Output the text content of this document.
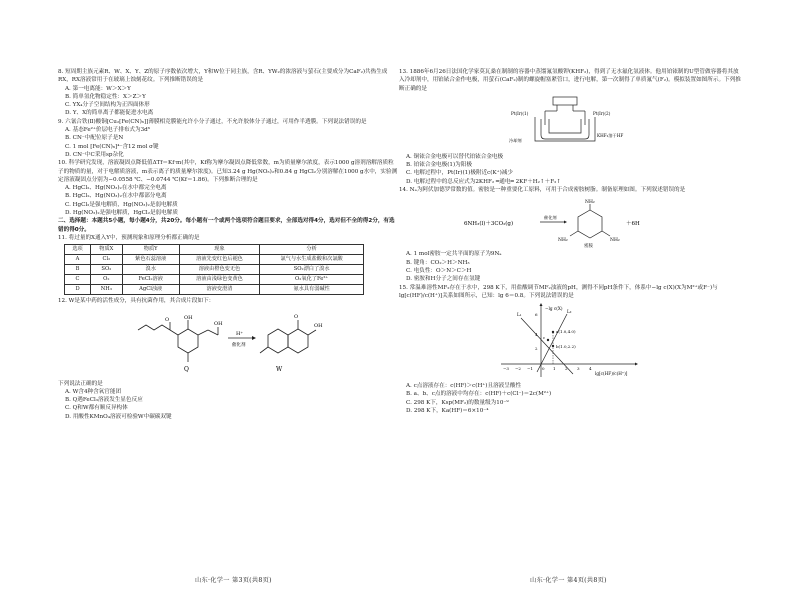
8. 短周期主族元素R、W、X、Y、Z的原子序数依次增大，Y和W位于同主族，含R、YW₂的浓溶液与萤石(主要成分为CaF₂)共热生成RX，RX溶液常用于在玻璃上蚀刻花纹。下列推断错误的是
A. 第一电离能：W＞X＞Y
B. 简单氢化物稳定性：X＞Z＞Y
C. YX₄分子空间结构为正四面体形
D. Y、X的简单离子都能促进水电离
9. 六氰合铁(Ⅱ)酸铜[Cu₂[Fe(CN)₆]]薄膜相竞膜能允许小分子通过，不允许胶体分子通过，可用作半透膜。下列说法错误的是
A. 基态Fe²⁺价层电子排布式为3d⁶
B. CN⁻中配位原子是N
C. 1 mol [Fe(CN)₆]⁴⁻含12 mol σ键
D. CN⁻中C采用sp杂化
10. 科学研究发现，溶液凝固点降低值ΔTf＝Kf·m(其中，Kf称为摩尔凝固点降低常数，m为质量摩尔浓度，表示1000 g溶剂溶解溶质粒子的物质的量，对于电解质溶液，m表示离子的质量摩尔浓度)。已知3.24 g Hg(NO₃)₂和0.84 g HgCl₂分别溶解在1000 g水中，实验测定溶液凝固点分别为−0.0558 ℃、−0.0744 ℃(Kf＝1.86)。下列推断合理的是
A. HgCl₂、Hg(NO₃)₂在水中都完全电离
B. HgCl₂、Hg(NO₃)₂在水中都部分电离
C. HgCl₂是强电解质，Hg(NO₃)₂是弱电解质
D. Hg(NO₃)₂是强电解质，HgCl₂是弱电解质
二、选择题：本题共5小题，每小题4分，共20分。每小题有一个或两个选项符合题目要求，全部选对得4分，选对但不全的得2分，有选错的得0分。
11. 将过量的X通入Y中，预测现象和原理分析都正确的是
选项	物质X	物质Y	现象	分析
A	Cl₂	紫色石蕊溶液	溶液先变红色后褪色	氯气与水生成盐酸和次氯酸
B	SO₂	溴水	溶液由橙色变无色	SO₂漂白了溴水
C	O₂	FeCl₂溶液	溶液由浅绿色变黄色	O₂氧化了Fe²⁺
D	NH₃	AgCl浊液	溶液变澄清	氨水具有弱碱性
12. W是某中药的活性成分，具有抗菌作用，其合成片段如下：
O	OH
OH
Q
H⁺
催化剂
O
OH
W
下列说法正确的是
A. W含4种含氧官能团
B. Q遇FeCl₃溶液发生显色反应
C. Q和W都有顺反异构体
D. 用酸性KMnO₄溶液可检验W中碳碳双键
山东·化学一 第3页(共8页)
13. 1886年6月26日法国化学家莫瓦桑在制制的容器中蒸馏氟氢酸钾(KHF₂)，得到了无水氟化氢液体。他用铂铱制的U型管做容器将其放入冷却剂中，用铂铱合金作电极，用萤石(CaF₂)制的螺旋帽塞紧管口，进行电解，第一次制得了单质氟气(F₂)。模拟装置如图所示。下列推断正确的是
Pt(Ir)(1)	Pt(Ir)(2)
冷却剂
KHF₂溶于HF
A. 铜铱合金电极可以替代铂铱合金电极
B. 铂铱合金电极(1)为阳极
C. 电解过程中，Pt(Ir)(1)极附近c(K⁺)减少
D. 电解过程中的总反应式为2KHF₂ ═通电═ 2KF＋H₂↑＋F₂↑
14. Nₐ为阿伏加德罗常数的值。密胺是一种重要化工原料，可用于合成密胺树脂。制备原理如图。下列叙述错误的是
6NH₃(l)＋3CO₂(g)
催化剂
NH₂
NH₂
NH₂
密胺
＋6H
A. 1 mol密胺一定共平面的原子为9Nₐ
B. 键角：CO₂＞H＞NH₃
C. 电负性：O＞N＞C＞H
D. 密胺和H分子之间存在氢键
15. 常温难溶性MF₂存在于水中，298 K下，用盐酸调节MF₂浊液的pH，测得不同pH条件下，体系中−lg c(X)(X为M²⁺或F⁻)与lg[c(HF)/c(H⁺)]关系如图所示，已知：lg 6＝0.8。下列说法错误的是
−lg c(X)
lg[c(HF)/c(H⁺)]
−3 −2 −1 0 1 2 3 4
6
2
L₁
L₂
a(1.0,4.0)
b(1.0,2.2)
c
A. c点溶液存在：c(HF)＞c(H⁺)且溶液呈酸性
B. a、b、c点的溶液中均存在：c(HF)＋c(Cl⁻)＝2c(M²⁺)
C. 298 K下，Ksp(MF₂)的数量级为10⁻⁹
D. 298 K下，Ka(HF)＝6×10⁻⁴
山东·化学一 第4页(共8页)
